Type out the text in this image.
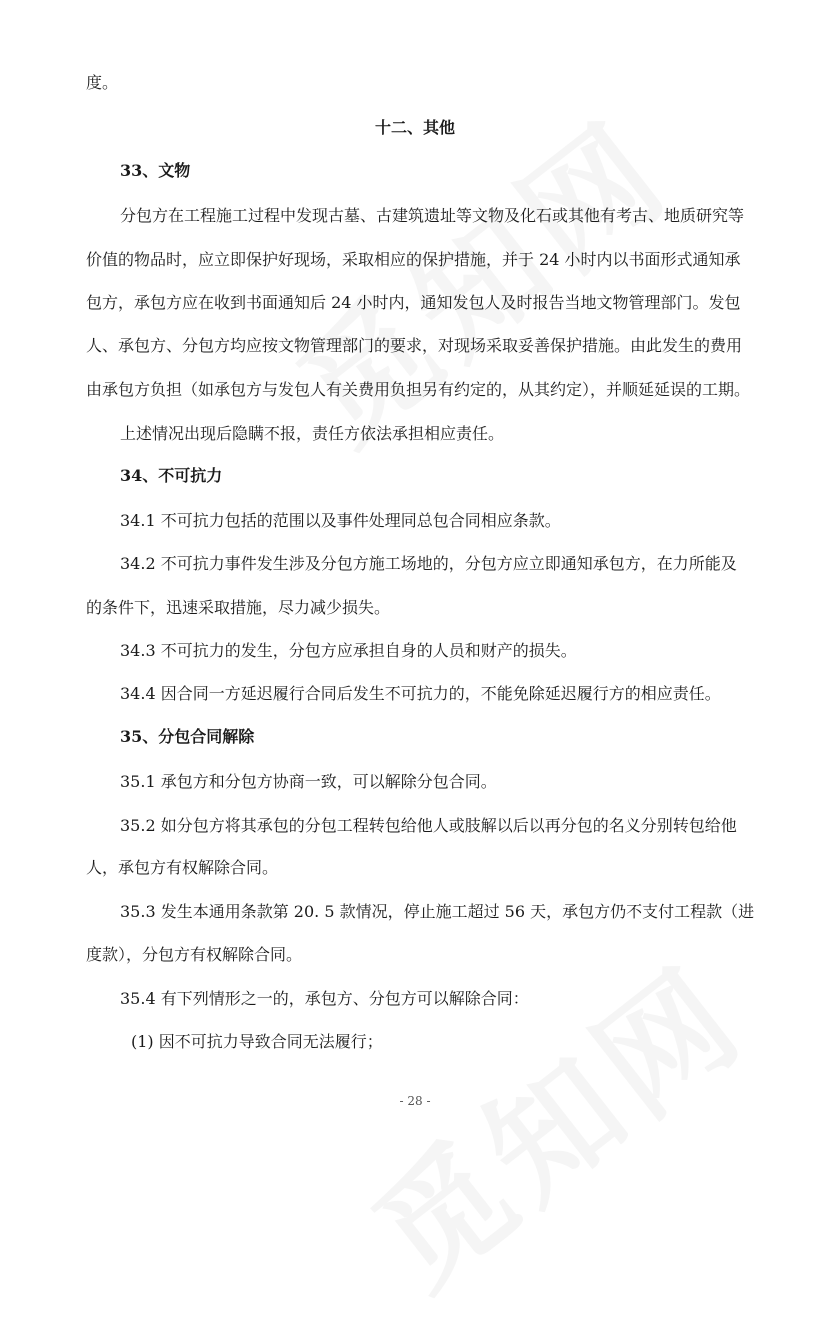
度。
十二、其他
33、文物
分包方在工程施工过程中发现古墓、古建筑遗址等文物及化石或其他有考古、地质研究等
价值的物品时，应立即保护好现场，采取相应的保护措施，并于 24 小时内以书面形式通知承
包方，承包方应在收到书面通知后 24 小时内，通知发包人及时报告当地文物管理部门。发包
人、承包方、分包方均应按文物管理部门的要求，对现场采取妥善保护措施。由此发生的费用
由承包方负担（如承包方与发包人有关费用负担另有约定的，从其约定），并顺延延误的工期。
上述情况出现后隐瞒不报，责任方依法承担相应责任。
34、不可抗力
34.1 不可抗力包括的范围以及事件处理同总包合同相应条款。
34.2 不可抗力事件发生涉及分包方施工场地的，分包方应立即通知承包方，在力所能及
的条件下，迅速采取措施，尽力减少损失。
34.3 不可抗力的发生，分包方应承担自身的人员和财产的损失。
34.4 因合同一方延迟履行合同后发生不可抗力的，不能免除延迟履行方的相应责任。
35、分包合同解除
35.1 承包方和分包方协商一致，可以解除分包合同。
35.2 如分包方将其承包的分包工程转包给他人或肢解以后以再分包的名义分别转包给他
人，承包方有权解除合同。
35.3 发生本通用条款第 20. 5 款情况，停止施工超过 56 天，承包方仍不支付工程款（进
度款），分包方有权解除合同。
35.4 有下列情形之一的，承包方、分包方可以解除合同：
(1) 因不可抗力导致合同无法履行；
- 28 -
